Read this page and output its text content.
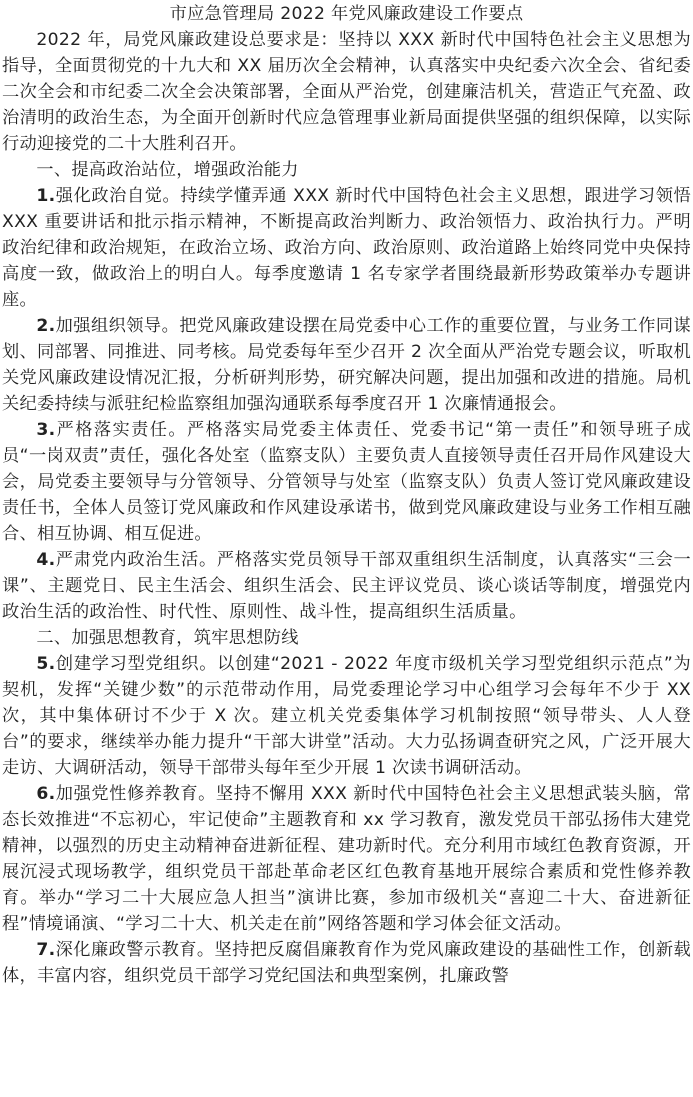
市应急管理局 2022 年党风廉政建设工作要点

2022 年，局党风廉政建设总要求是：坚持以 XXX 新时代中国特色社会主义思想为指导，全面贯彻党的十九大和 XX 届历次全会精神，认真落实中央纪委六次全会、省纪委二次全会和市纪委二次全会决策部署，全面从严治党，创建廉洁机关，营造正气充盈、政治清明的政治生态，为全面开创新时代应急管理事业新局面提供坚强的组织保障，以实际行动迎接党的二十大胜利召开。

一、提高政治站位，增强政治能力

1.强化政治自觉。持续学懂弄通 XXX 新时代中国特色社会主义思想，跟进学习领悟 XXX 重要讲话和批示指示精神，不断提高政治判断力、政治领悟力、政治执行力。严明政治纪律和政治规矩，在政治立场、政治方向、政治原则、政治道路上始终同党中央保持高度一致，做政治上的明白人。每季度邀请 1 名专家学者围绕最新形势政策举办专题讲座。

2.加强组织领导。把党风廉政建设摆在局党委中心工作的重要位置，与业务工作同谋划、同部署、同推进、同考核。局党委每年至少召开 2 次全面从严治党专题会议，听取机关党风廉政建设情况汇报，分析研判形势，研究解决问题，提出加强和改进的措施。局机关纪委持续与派驻纪检监察组加强沟通联系每季度召开 1 次廉情通报会。

3.严格落实责任。严格落实局党委主体责任、党委书记“第一责任”和领导班子成员“一岗双责”责任，强化各处室（监察支队）主要负责人直接领导责任召开局作风建设大会，局党委主要领导与分管领导、分管领导与处室（监察支队）负责人签订党风廉政建设责任书，全体人员签订党风廉政和作风建设承诺书，做到党风廉政建设与业务工作相互融合、相互协调、相互促进。

4.严肃党内政治生活。严格落实党员领导干部双重组织生活制度，认真落实“三会一课”、主题党日、民主生活会、组织生活会、民主评议党员、谈心谈话等制度，增强党内政治生活的政治性、时代性、原则性、战斗性，提高组织生活质量。

二、加强思想教育，筑牢思想防线

5.创建学习型党组织。以创建“2021 - 2022 年度市级机关学习型党组织示范点”为契机，发挥“关键少数”的示范带动作用，局党委理论学习中心组学习会每年不少于 XX 次，其中集体研讨不少于 X 次。建立机关党委集体学习机制按照“领导带头、人人登台”的要求，继续举办能力提升“干部大讲堂”活动。大力弘扬调查研究之风，广泛开展大走访、大调研活动，领导干部带头每年至少开展 1 次读书调研活动。

6.加强党性修养教育。坚持不懈用 XXX 新时代中国特色社会主义思想武装头脑，常态长效推进“不忘初心，牢记使命”主题教育和 xx 学习教育，激发党员干部弘扬伟大建党精神，以强烈的历史主动精神奋进新征程、建功新时代。充分利用市域红色教育资源，开展沉浸式现场教学，组织党员干部赴革命老区红色教育基地开展综合素质和党性修养教育。举办“学习二十大展应急人担当”演讲比赛，参加市级机关“喜迎二十大、奋进新征程”情境诵演、“学习二十大、机关走在前”网络答题和学习体会征文活动。

7.深化廉政警示教育。坚持把反腐倡廉教育作为党风廉政建设的基础性工作，创新载体，丰富内容，组织党员干部学习党纪国法和典型案例，扎廉政警
